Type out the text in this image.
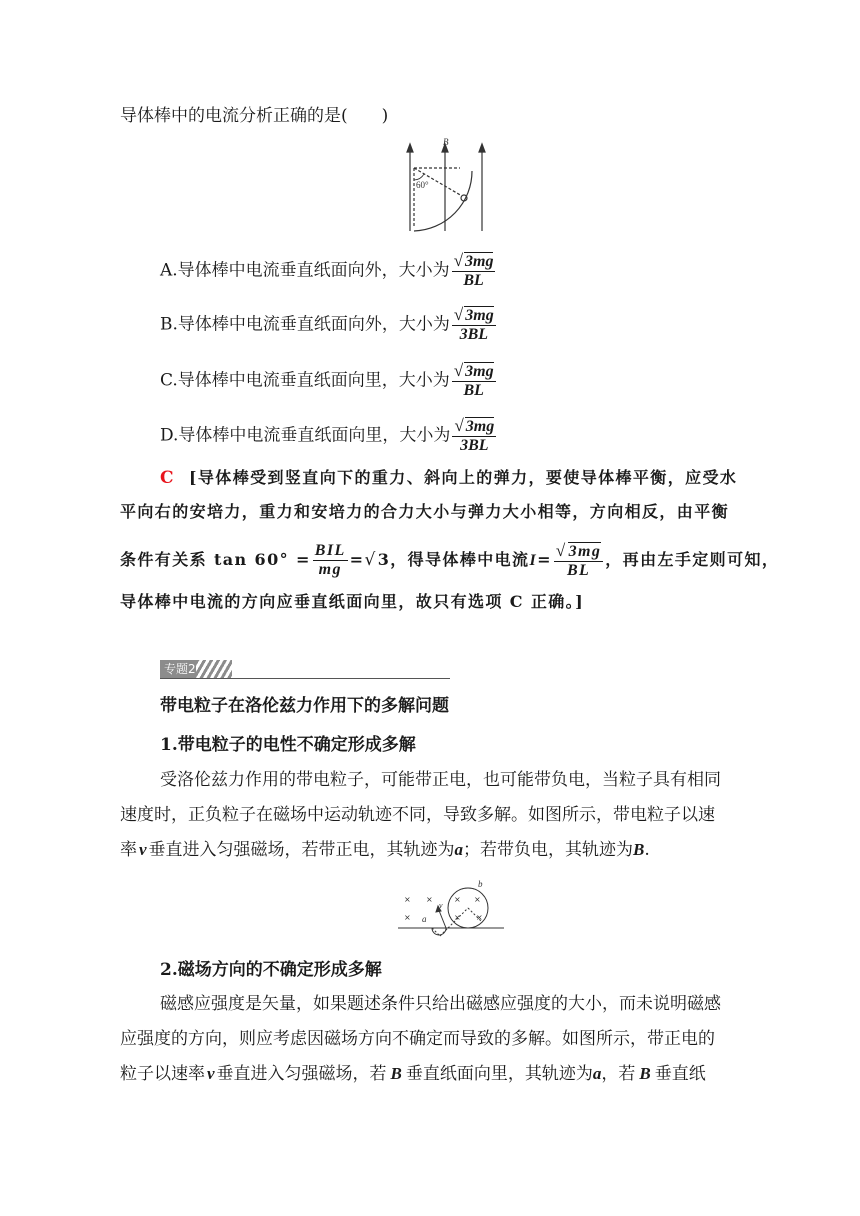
导体棒中的电流分析正确的是(　　)
B
60°
A.导体棒中电流垂直纸面向外，大小为 $\frac{√ 3mg}{BL}$
B.导体棒中电流垂直纸面向外，大小为 $\frac{√ 3mg}{3BL}$
C.导体棒中电流垂直纸面向里，大小为 $\frac{√ 3mg}{BL}$
D.导体棒中电流垂直纸面向里，大小为 $\frac{√ 3mg}{3BL}$
C [导体棒受到竖直向下的重力、斜向上的弹力，要使导体棒平衡，应受水
平向右的安培力，重力和安培力的合力大小与弹力大小相等，方向相反，由平衡
条件有关系 $\tan 60^\circ = \frac{\text{BIL}}{mg} =√3$，得导体棒中电流$I= \frac{√ 3mg}{BL}$ ，再由左手定则可知，
导体棒中电流的方向应垂直纸面向里，故只有选项 C 正确。]
专题2
带电粒子在洛伦兹力作用下的多解问题
1.带电粒子的电性不确定形成多解
受洛伦兹力作用的带电粒子，可能带正电，也可能带负电，当粒子具有相同
速度时，正负粒子在磁场中运动轨迹不同，导致多解。如图所示，带电粒子以速
率 v 垂直进入匀强磁场，若带正电，其轨迹为a；若带负电，其轨迹为B.
× ×	× ×
×	× ×
a
b
v
2.磁场方向的不确定形成多解
磁感应强度是矢量，如果题述条件只给出磁感应强度的大小，而未说明磁感
应强度的方向，则应考虑因磁场方向不确定而导致的多解。如图所示，带正电的
粒子以速率 v 垂直进入匀强磁场，若 B 垂直纸面向里，其轨迹为a，若 B 垂直纸
